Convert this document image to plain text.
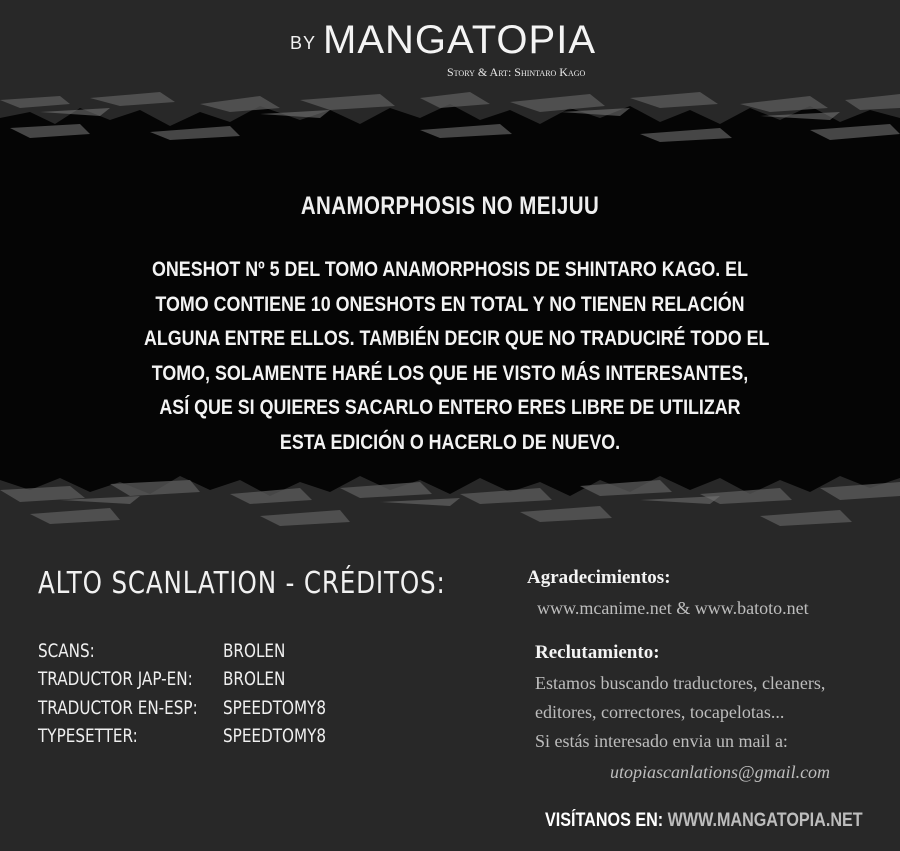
BY MANGATOPIA
Story & Art: Shintaro Kago
ANAMORPHOSIS NO MEIJUU
ONESHOT Nº 5 DEL TOMO ANAMORPHOSIS DE SHINTARO KAGO. EL
TOMO CONTIENE 10 ONESHOTS EN TOTAL Y NO TIENEN RELACIÓN
ALGUNA ENTRE ELLOS. TAMBIÉN DECIR QUE NO TRADUCIRÉ TODO EL
TOMO, SOLAMENTE HARÉ LOS QUE HE VISTO MÁS INTERESANTES,
ASÍ QUE SI QUIERES SACARLO ENTERO ERES LIBRE DE UTILIZAR
ESTA EDICIÓN O HACERLO DE NUEVO.
ALTO SCANLATION - CRÉDITOS:
SCANS:	BROLEN
TRADUCTOR JAP-EN: BROLEN
TRADUCTOR EN-ESP: SPEEDTOMY8
TYPESETTER:	SPEEDTOMY8
Agradecimientos:
www.mcanime.net & www.batoto.net
Reclutamiento:
Estamos buscando traductores, cleaners,
editores, correctores, tocapelotas...
Si estás interesado envia un mail a:
utopiascanlations@gmail.com
VISÍTANOS EN: WWW.MANGATOPIA.NET
